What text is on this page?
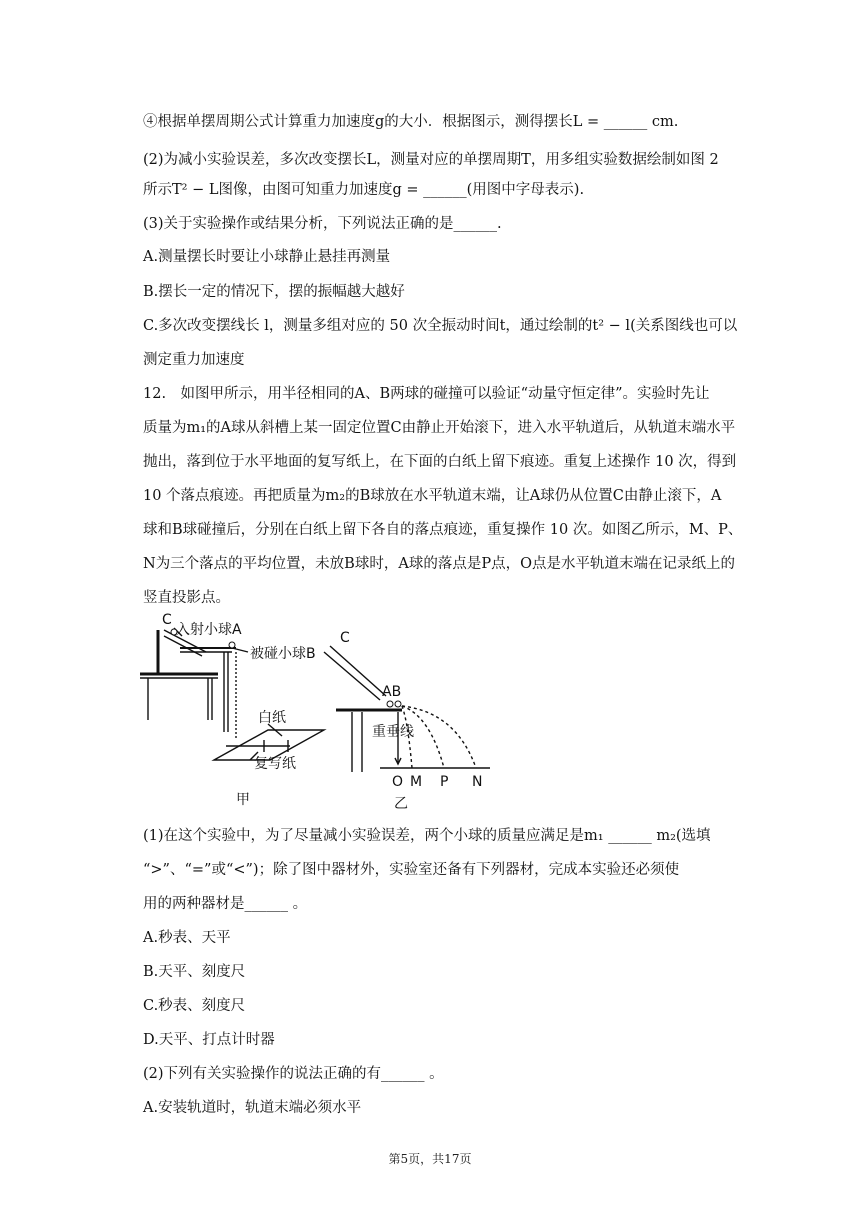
④根据单摆周期公式计算重力加速度g的大小．根据图示，测得摆长L = ______ cm.
(2)为减小实验误差，多次改变摆长L，测量对应的单摆周期T，用多组实验数据绘制如图 2
所示T² − L图像，由图可知重力加速度g = ______(用图中字母表示).
(3)关于实验操作或结果分析，下列说法正确的是______.
A.测量摆长时要让小球静止悬挂再测量
B.摆长一定的情况下，摆的振幅越大越好
C.多次改变摆线长 l，测量多组对应的 50 次全振动时间t，通过绘制的t² − l(关系图线也可以
测定重力加速度
12.　如图甲所示，用半径相同的A、B两球的碰撞可以验证“动量守恒定律”。实验时先让
质量为m₁的A球从斜槽上某一固定位置C由静止开始滚下，进入水平轨道后，从轨道末端水平
抛出，落到位于水平地面的复写纸上，在下面的白纸上留下痕迹。重复上述操作 10 次，得到
10 个落点痕迹。再把质量为m₂的B球放在水平轨道末端，让A球仍从位置C由静止滚下，A
球和B球碰撞后，分别在白纸上留下各自的落点痕迹，重复操作 10 次。如图乙所示，M、P、
N为三个落点的平均位置，未放B球时，A球的落点是P点，O点是水平轨道末端在记录纸上的
竖直投影点。
(1)在这个实验中，为了尽量减小实验误差，两个小球的质量应满足是m₁ ______ m₂(选填
“>”、“=”或“<”)；除了图中器材外，实验室还备有下列器材，完成本实验还必须使
用的两种器材是______ 。
A.秒表、天平
B.天平、刻度尺
C.秒表、刻度尺
D.天平、打点计时器
(2)下列有关实验操作的说法正确的有______ 。
A.安装轨道时，轨道末端必须水平
C
入射小球A
被碰小球B
白纸
复写纸
甲
C
AB
重垂线
O M P N
乙
第5页，共17页
